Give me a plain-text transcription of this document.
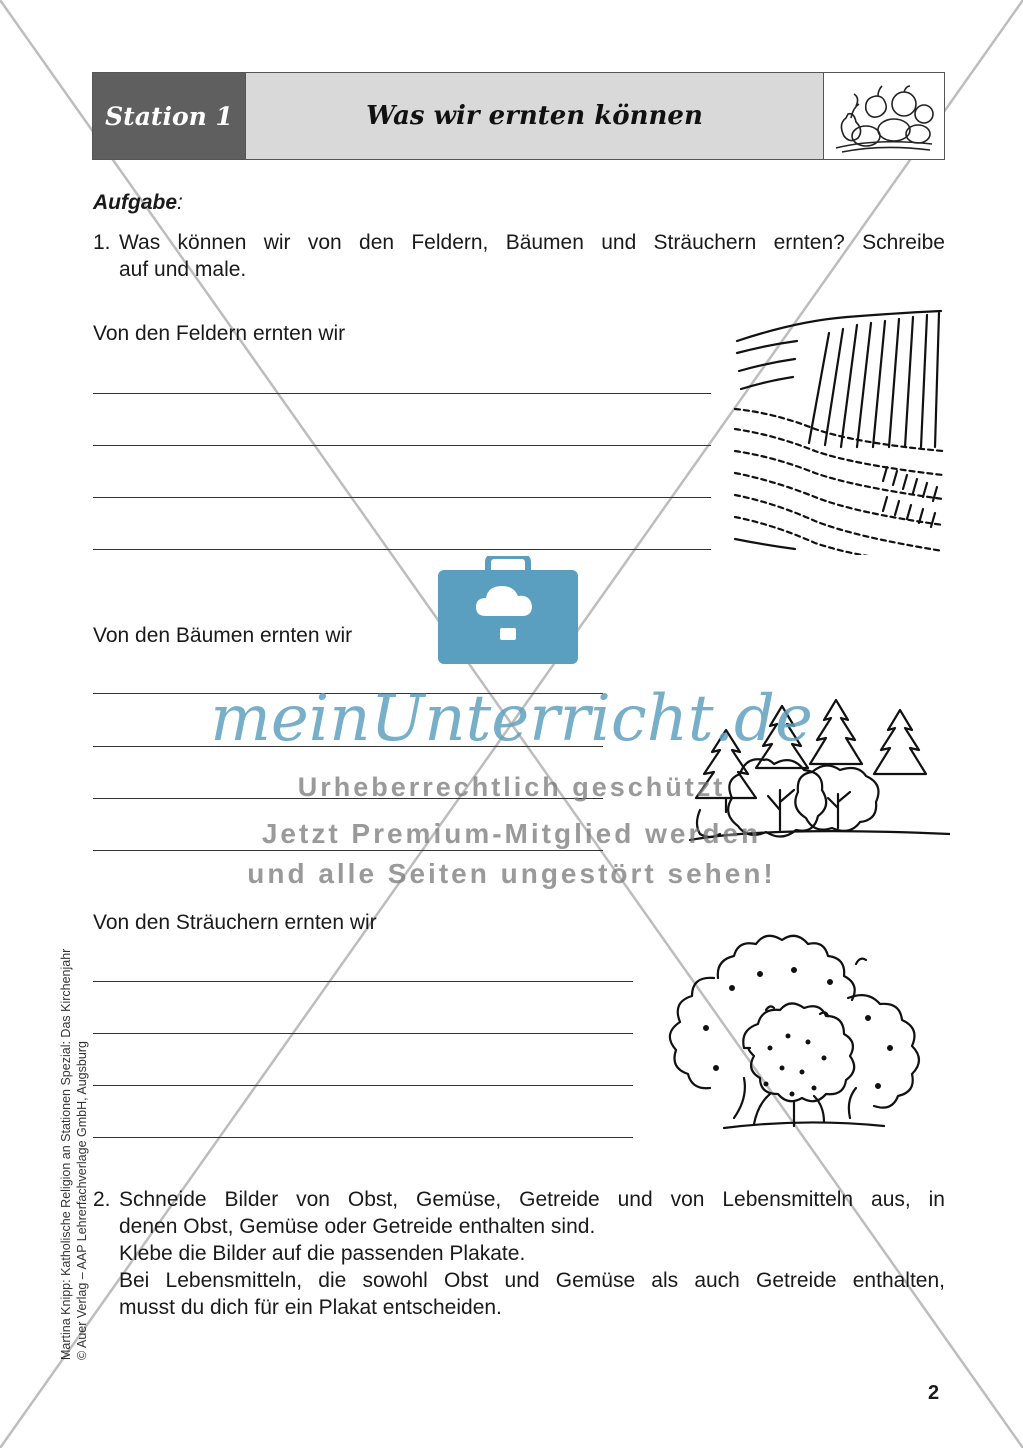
Station 1	Was wir ernten können
Aufgabe:
1. Was können wir von den Feldern, Bäumen und Sträuchern ernten? Schreibe
auf und male.
Von den Feldern ernten wir
Von den Bäumen ernten wir
meinUnterricht.de
Urheberrechtlich geschützt
Jetzt Premium-Mitglied werden
und alle Seiten ungestört sehen!
Von den Sträuchern ernten wir
2. Schneide Bilder von Obst, Gemüse, Getreide und von Lebensmitteln aus, in
denen Obst, Gemüse oder Getreide enthalten sind.
Klebe die Bilder auf die passenden Plakate.
Bei Lebensmitteln, die sowohl Obst und Gemüse als auch Getreide enthalten,
musst du dich für ein Plakat entscheiden.
Martina Knipp: Katholische Religion an Stationen Spezial: Das Kirchenjahr © Auer Verlag – AAP Lehrerfachverlage GmbH, Augsburg
2
